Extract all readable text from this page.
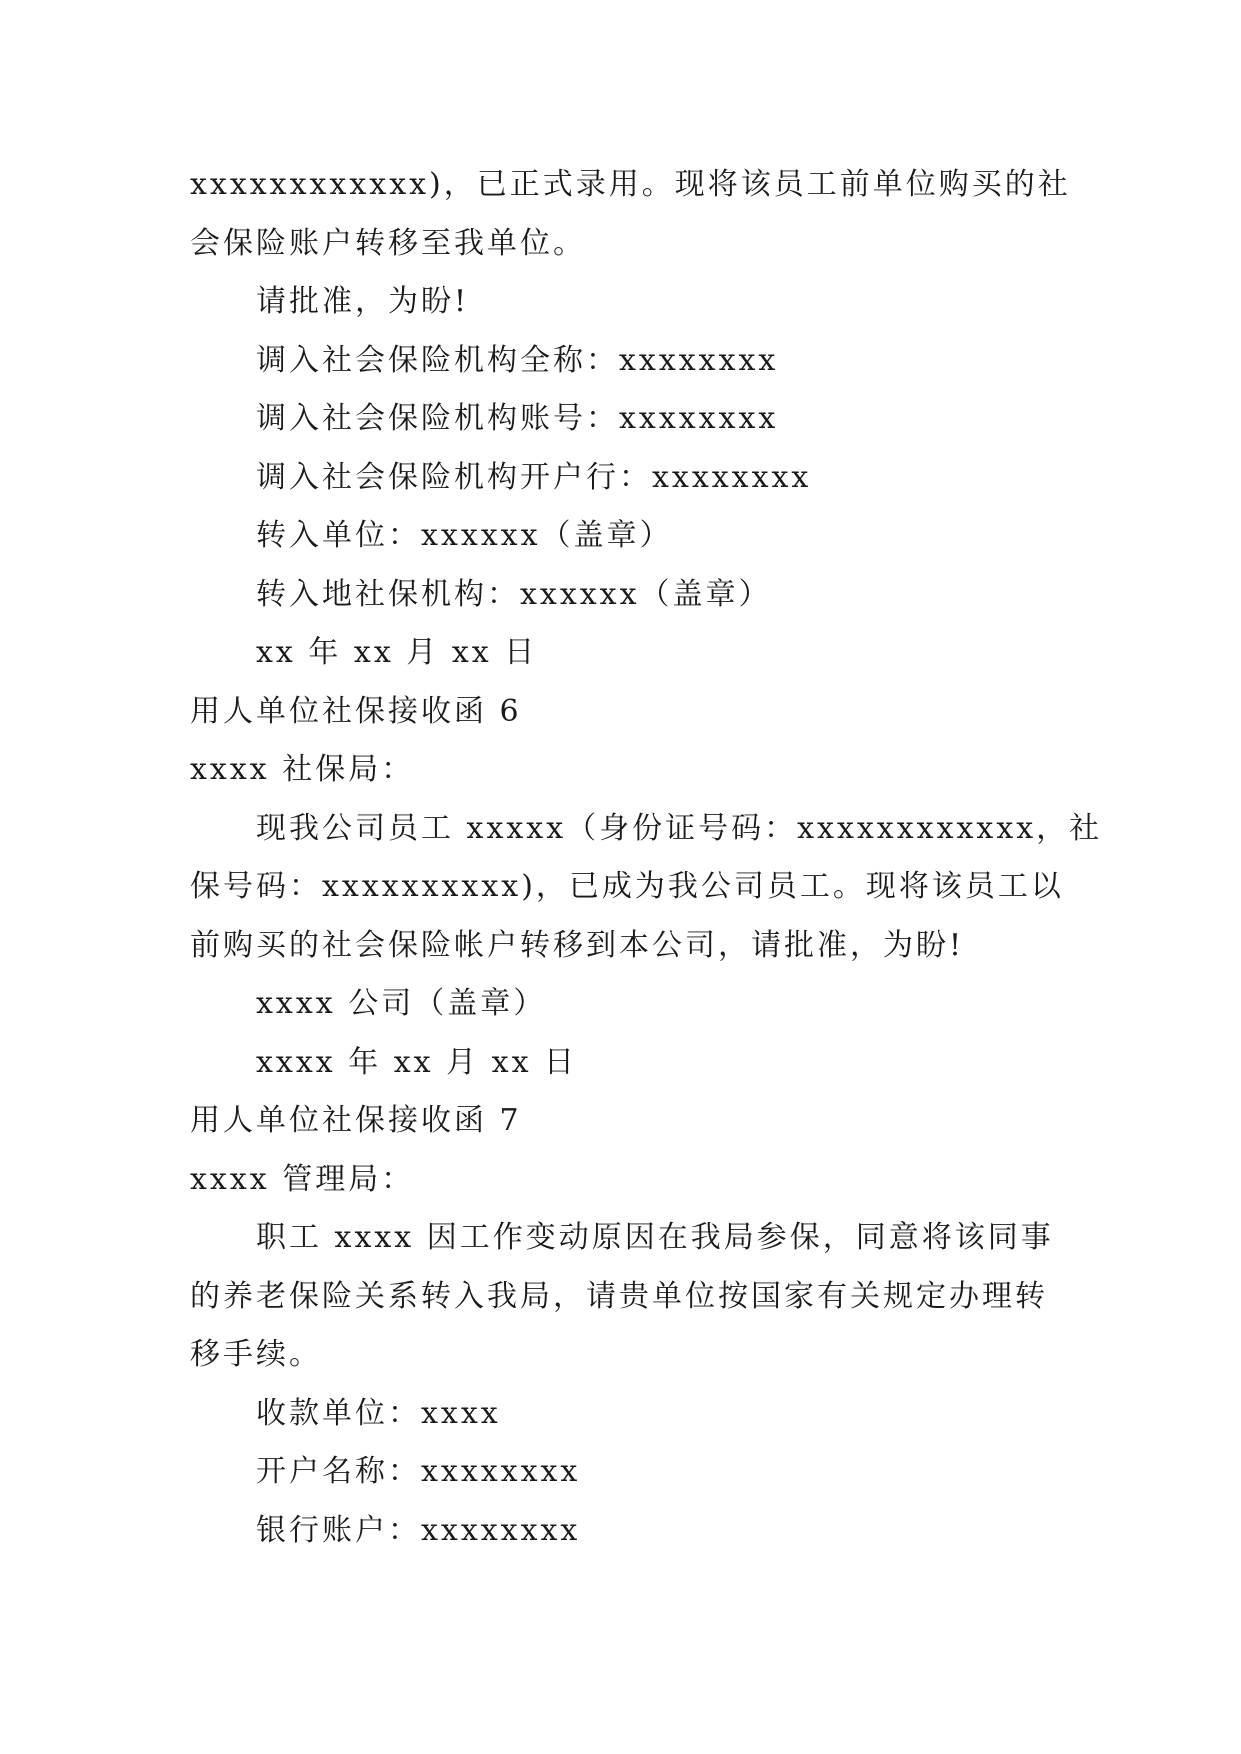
xxxxxxxxxxxx)，已正式录用。现将该员工前单位购买的社
会保险账户转移至我单位。
请批准，为盼!
调入社会保险机构全称：xxxxxxxx
调入社会保险机构账号：xxxxxxxx
调入社会保险机构开户行：xxxxxxxx
转入单位：xxxxxx（盖章）
转入地社保机构：xxxxxx（盖章）
xx 年 xx 月 xx 日
用人单位社保接收函 6
xxxx 社保局：
现我公司员工 xxxxx（身份证号码：xxxxxxxxxxxx，社
保号码：xxxxxxxxxx)，已成为我公司员工。现将该员工以
前购买的社会保险帐户转移到本公司，请批准，为盼!
xxxx 公司（盖章）
xxxx 年 xx 月 xx 日
用人单位社保接收函 7
xxxx 管理局：
职工 xxxx 因工作变动原因在我局参保，同意将该同事
的养老保险关系转入我局，请贵单位按国家有关规定办理转
移手续。
收款单位：xxxx
开户名称：xxxxxxxx
银行账户：xxxxxxxx
